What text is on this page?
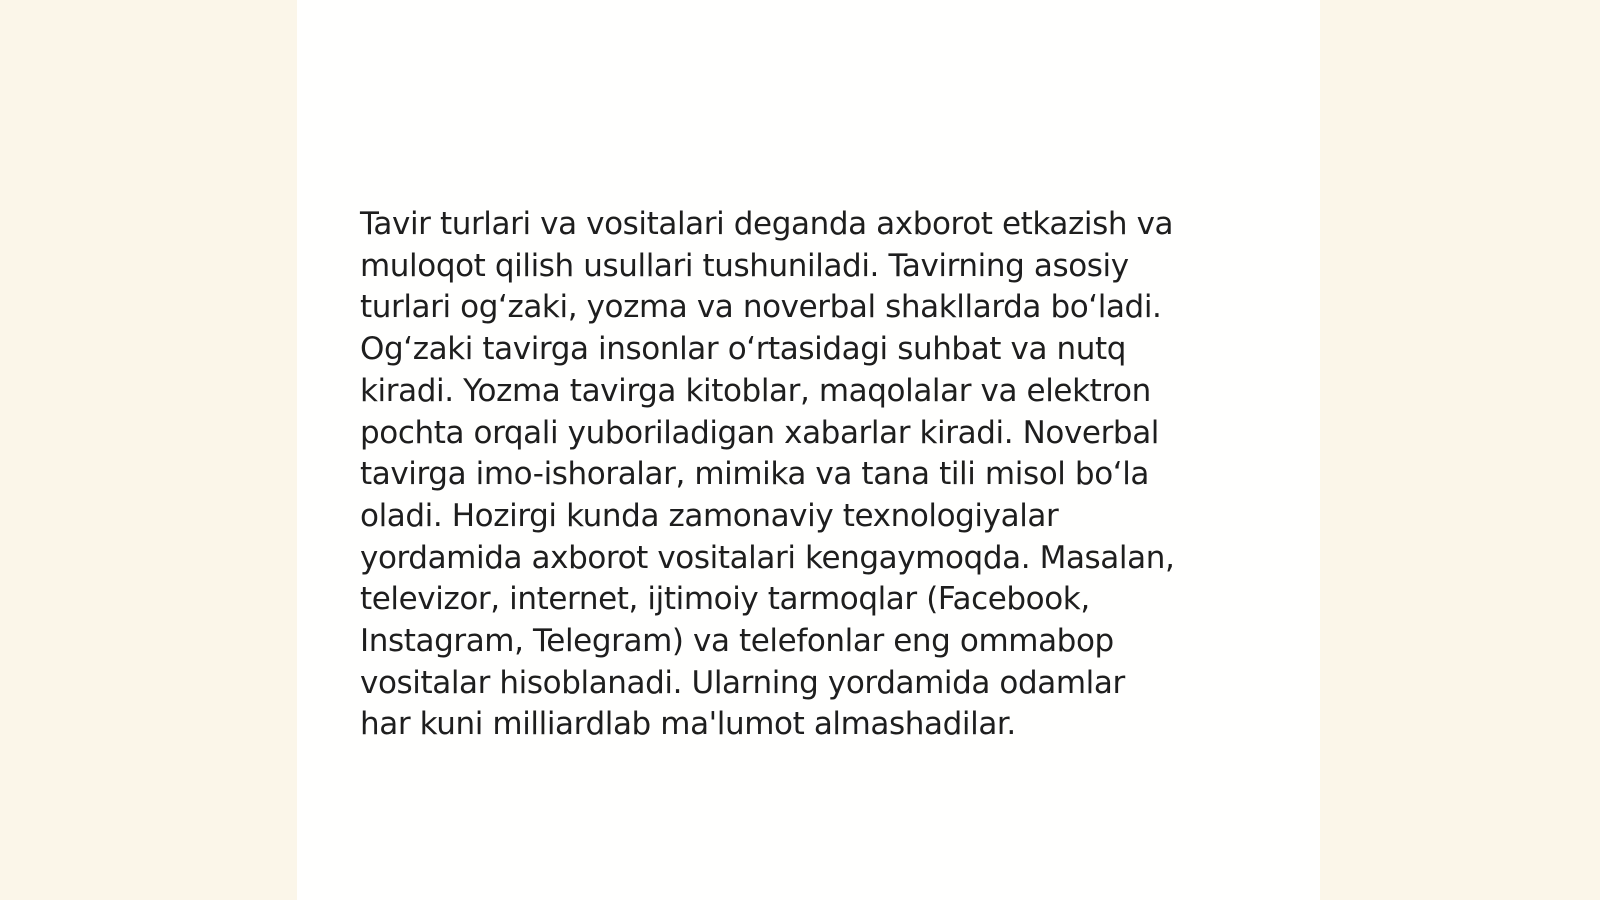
Tavir turlari va vositalari deganda axborot etkazish va
muloqot qilish usullari tushuniladi. Tavirning asosiy
turlari og‘zaki, yozma va noverbal shakllarda bo‘ladi.
Og‘zaki tavirga insonlar o‘rtasidagi suhbat va nutq
kiradi. Yozma tavirga kitoblar, maqolalar va elektron
pochta orqali yuboriladigan xabarlar kiradi. Noverbal
tavirga imo-ishoralar, mimika va tana tili misol bo‘la
oladi. Hozirgi kunda zamonaviy texnologiyalar
yordamida axborot vositalari kengaymoqda. Masalan,
televizor, internet, ijtimoiy tarmoqlar (Facebook,
Instagram, Telegram) va telefonlar eng ommabop
vositalar hisoblanadi. Ularning yordamida odamlar
har kuni milliardlab ma'lumot almashadilar.
